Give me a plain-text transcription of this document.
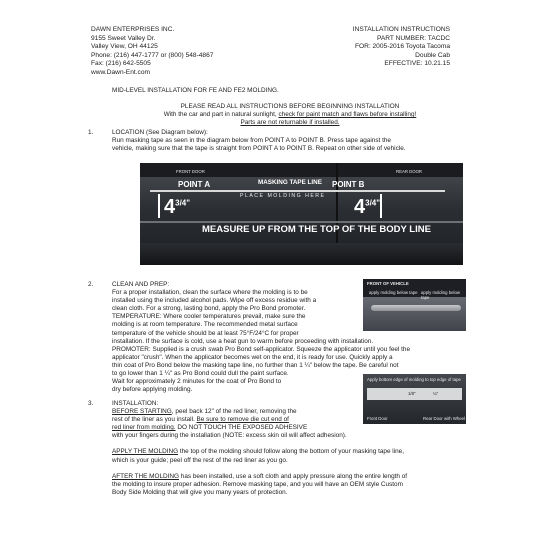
DAWN ENTERPRISES INC.
9155 Sweet Valley Dr.
Valley View, OH 44125
Phone: (216) 447-1777 or (800) 548-4867
Fax: (216) 642-5505
www.Dawn-Ent.com
INSTALLATION INSTRUCTIONS
PART NUMBER: TACDC
FOR: 2005-2016 Toyota Tacoma
Double Cab
EFFECTIVE: 10.21.15
MID-LEVEL INSTALLATION FOR FE AND FE2 MOLDING.
PLEASE READ ALL INSTRUCTIONS BEFORE BEGINNING INSTALLATION
With the car and part in natural sunlight, check for paint match and flaws before installing!
Parts are not returnable if installed.
1.	LOCATION (See Diagram below):
Run masking tape as seen in the diagram below from POINT A to POINT B. Press tape against the
vehicle, making sure that the tape is straight from POINT A to POINT B. Repeat on other side of vehicle.
FRONT DOOR	REAR DOOR
POINT A	POINT B
MASKING TAPE LINE
PLACE MOLDING HERE
$4^{3/4"}$	$4^{3/4"}$
MEASURE UP FROM THE TOP OF THE BODY LINE
2.	CLEAN AND PREP:
For a proper installation, clean the surface where the molding is to be
installed using the included alcohol pads. Wipe off excess residue with a
clean cloth. For a strong, lasting bond, apply the Pro Bond promoter.
TEMPERATURE: Where cooler temperatures prevail, make sure the
molding is at room temperature. The recommended metal surface
temperature of the vehicle should be at least 75°F/24°C for proper
installation. If the surface is cold, use a heat gun to warm before proceeding with installation.
PROMOTER: Supplied is a crush swab Pro Bond self-applicator. Squeeze the applicator until you feel the
applicator "crush". When the applicator becomes wet on the end, it is ready for use. Quickly apply a
thin coat of Pro Bond below the masking tape line, no further than 1 ¼" below the tape. Be careful not
to go lower than 1 ¼" as Pro Bond could dull the paint surface.
Wait for approximately 2 minutes for the coat of Pro Bond to
dry before applying molding.
FRONT OF VEHICLE
apply molding below tape apply molding below tape
Apply bottom edge of molding to top edge of tape
1/8"	¼"
Front Door	Rear Door with Wheel
3.	INSTALLATION:
BEFORE STARTING, peel back 12" of the red liner, removing the
rest of the liner as you install. Be sure to remove die cut end of
red liner from molding. DO NOT TOUCH THE EXPOSED ADHESIVE
with your fingers during the installation (NOTE: excess skin oil will affect adhesion).
APPLY THE MOLDING the top of the molding should follow along the bottom of your masking tape line,
which is your guide; peel off the rest of the red liner as you go.
AFTER THE MOLDING has been installed, use a soft cloth and apply pressure along the entire length of
the molding to insure proper adhesion. Remove masking tape, and you will have an OEM style Custom
Body Side Molding that will give you many years of protection.
